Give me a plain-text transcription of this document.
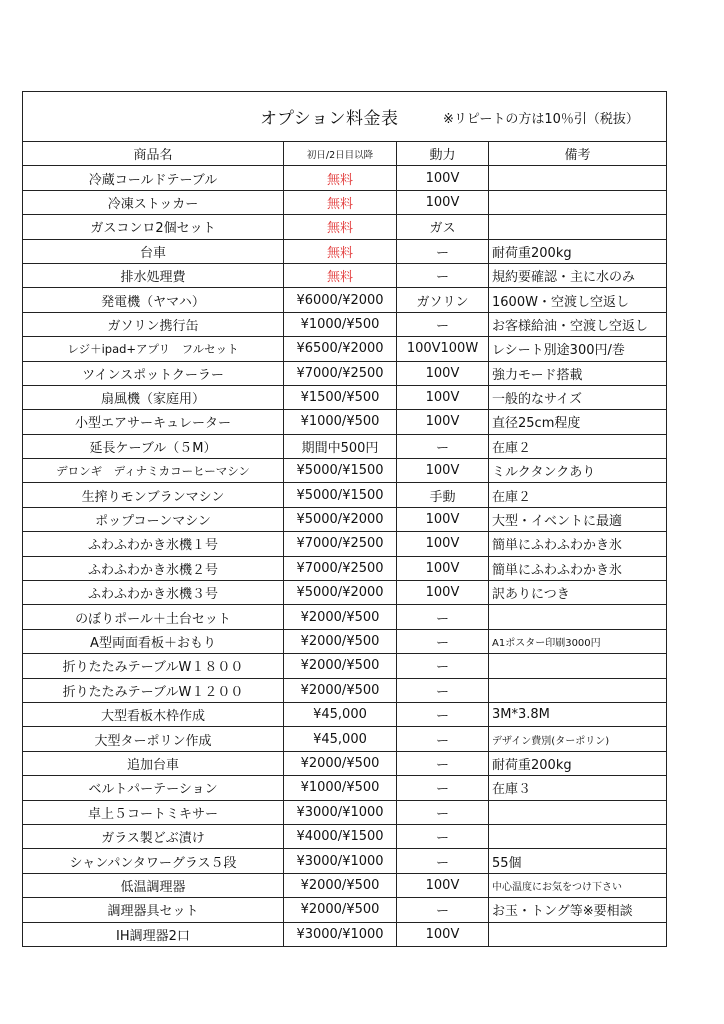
オプション料金表	※リピートの方は10％引（税抜）
商品名	初日/2日目以降	動力	備考
冷蔵コールドテーブル	無料	100V	
冷凍ストッカー	無料	100V	
ガスコンロ2個セット	無料	ガス	
台車	無料	ー	耐荷重200kg
排水処理費	無料	ー	規約要確認・主に水のみ
発電機（ヤマハ）	¥6000/¥2000	ガソリン	1600W・空渡し空返し
ガソリン携行缶	¥1000/¥500	ー	お客様給油・空渡し空返し
レジ＋ipad+アプリ　フルセット	¥6500/¥2000	100V100W	レシート別途300円/巻
ツインスポットクーラー	¥7000/¥2500	100V	強力モード搭載
扇風機（家庭用）	¥1500/¥500	100V	一般的なサイズ
小型エアサーキュレーター	¥1000/¥500	100V	直径25cm程度
延長ケーブル（５M）	期間中500円	ー	在庫２
デロンギ　ディナミカコーヒーマシン	¥5000/¥1500	100V	ミルクタンクあり
生搾りモンブランマシン	¥5000/¥1500	手動	在庫２
ポップコーンマシン	¥5000/¥2000	100V	大型・イベントに最適
ふわふわかき氷機１号	¥7000/¥2500	100V	簡単にふわふわかき氷
ふわふわかき氷機２号	¥7000/¥2500	100V	簡単にふわふわかき氷
ふわふわかき氷機３号	¥5000/¥2000	100V	訳ありにつき
のぼりポール＋土台セット	¥2000/¥500	ー	
A型両面看板＋おもり	¥2000/¥500	ー	A1ポスター印刷3000円
折りたたみテーブルW１８００	¥2000/¥500	ー	
折りたたみテーブルW１２００	¥2000/¥500	ー	
大型看板木枠作成	¥45,000	ー	3M*3.8M
大型ターポリン作成	¥45,000	ー	デザイン費別(ターポリン)
追加台車	¥2000/¥500	ー	耐荷重200kg
ベルトパーテーション	¥1000/¥500	ー	在庫３
卓上５コートミキサー	¥3000/¥1000	ー	
ガラス製どぶ漬け	¥4000/¥1500	ー	
シャンパンタワーグラス５段	¥3000/¥1000	ー	55個
低温調理器	¥2000/¥500	100V	中心温度にお気をつけ下さい
調理器具セット	¥2000/¥500	ー	お玉・トング等※要相談
IH調理器2口	¥3000/¥1000	100V	
